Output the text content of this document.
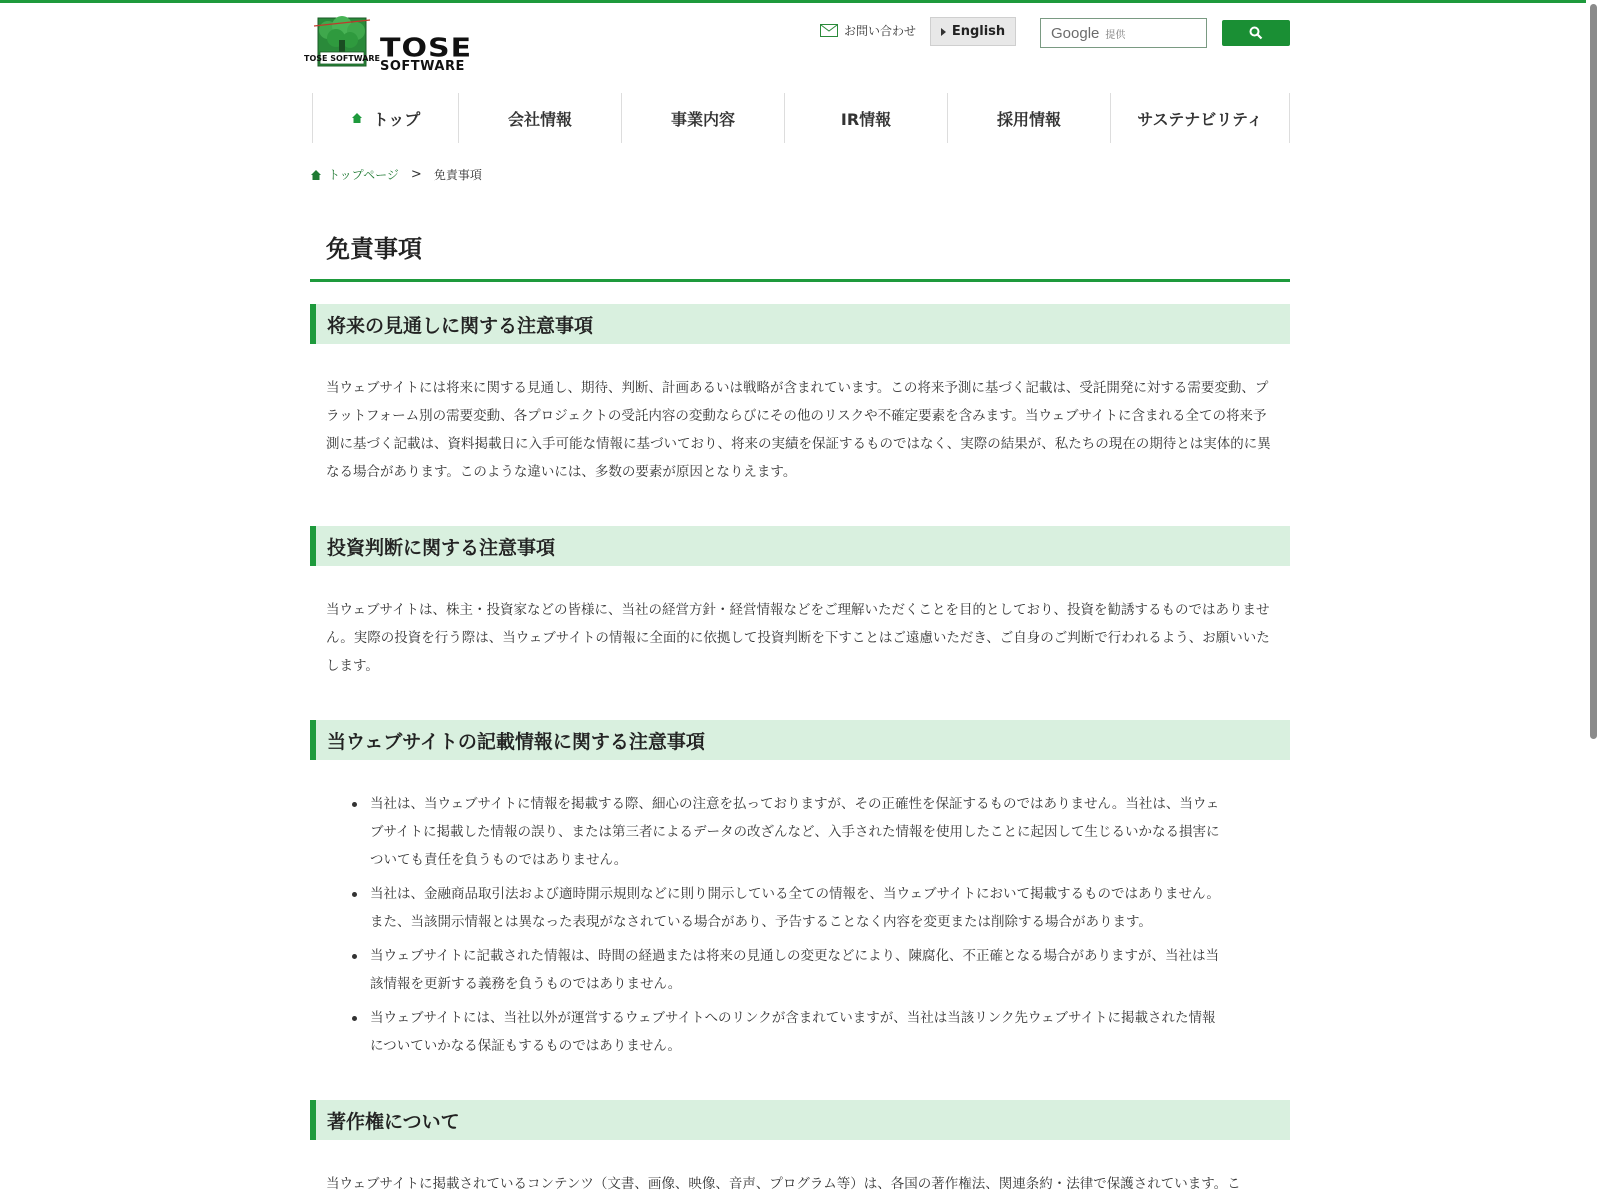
TOSE SOFTWARE TOSE
SOFTWARE
お問い合わせ	English	Google 提供
トップ	会社情報	事業内容	IR情報	採用情報	サステナビリティ
トップページ > 免責事項
免責事項
将来の見通しに関する注意事項
当ウェブサイトには将来に関する見通し、期待、判断、計画あるいは戦略が含まれています。この将来予測に基づく記載は、受託開発に対する需要変動、プラットフォーム別の需要変動、各プロジェクトの受託内容の変動ならびにその他のリスクや不確定要素を含みます。当ウェブサイトに含まれる全ての将来予測に基づく記載は、資料掲載日に入手可能な情報に基づいており、将来の実績を保証するものではなく、実際の結果が、私たちの現在の期待とは実体的に異なる場合があります。このような違いには、多数の要素が原因となりえます。
投資判断に関する注意事項
当ウェブサイトは、株主・投資家などの皆様に、当社の経営方針・経営情報などをご理解いただくことを目的としており、投資を勧誘するものではありません。実際の投資を行う際は、当ウェブサイトの情報に全面的に依拠して投資判断を下すことはご遠慮いただき、ご自身のご判断で行われるよう、お願いいたします。
当ウェブサイトの記載情報に関する注意事項
当社は、当ウェブサイトに情報を掲載する際、細心の注意を払っておりますが、その正確性を保証するものではありません。当社は、当ウェブサイトに掲載した情報の誤り、または第三者によるデータの改ざんなど、入手された情報を使用したことに起因して生じるいかなる損害についても責任を負うものではありません。
当社は、金融商品取引法および適時開示規則などに則り開示している全ての情報を、当ウェブサイトにおいて掲載するものではありません。また、当該開示情報とは異なった表現がなされている場合があり、予告することなく内容を変更または削除する場合があります。
当ウェブサイトに記載された情報は、時間の経過または将来の見通しの変更などにより、陳腐化、不正確となる場合がありますが、当社は当該情報を更新する義務を負うものではありません。
当ウェブサイトには、当社以外が運営するウェブサイトへのリンクが含まれていますが、当社は当該リンク先ウェブサイトに掲載された情報についていかなる保証もするものではありません。
著作権について
当ウェブサイトに掲載されているコンテンツ（文書、画像、映像、音声、プログラム等）は、各国の著作権法、関連条約・法律で保護されています。こ
